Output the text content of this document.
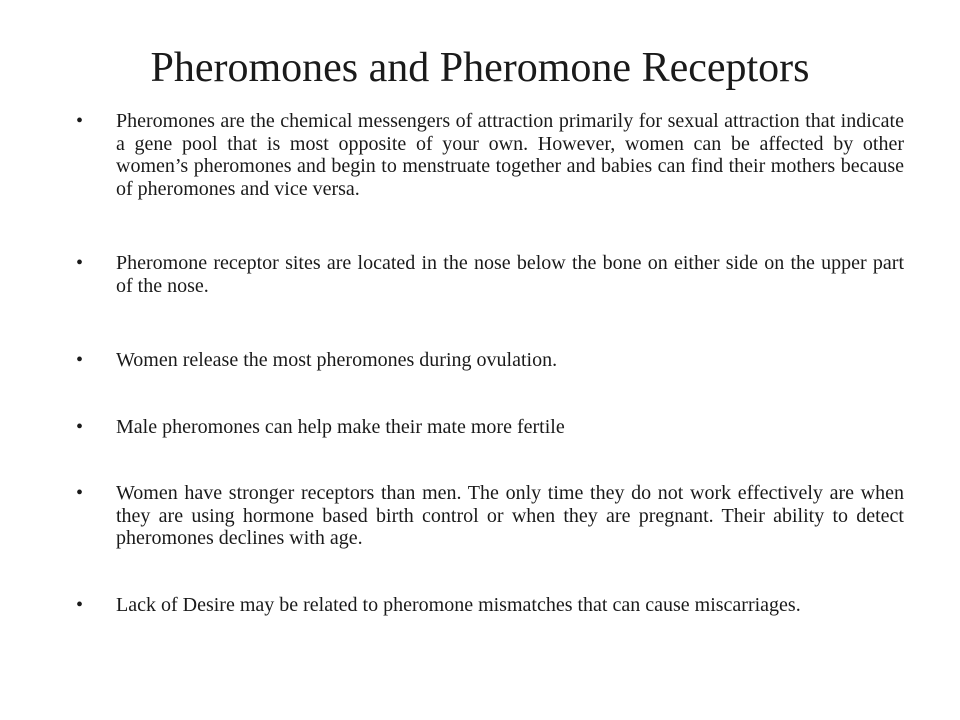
Pheromones and Pheromone Receptors
• Pheromones are the chemical messengers of attraction primarily for sexual attraction that indicate a gene pool that is most opposite of your own. However, women can be affected by other women’s pheromones and begin to menstruate together and babies can find their mothers because of pheromones and vice versa.
• Pheromone receptor sites are located in the nose below the bone on either side on the upper part of the nose.
• Women release the most pheromones during ovulation.
• Male pheromones can help make their mate more fertile
• Women have stronger receptors than men. The only time they do not work effectively are when they are using hormone based birth control or when they are pregnant. Their ability to detect pheromones declines with age.
• Lack of Desire may be related to pheromone mismatches that can cause miscarriages.
